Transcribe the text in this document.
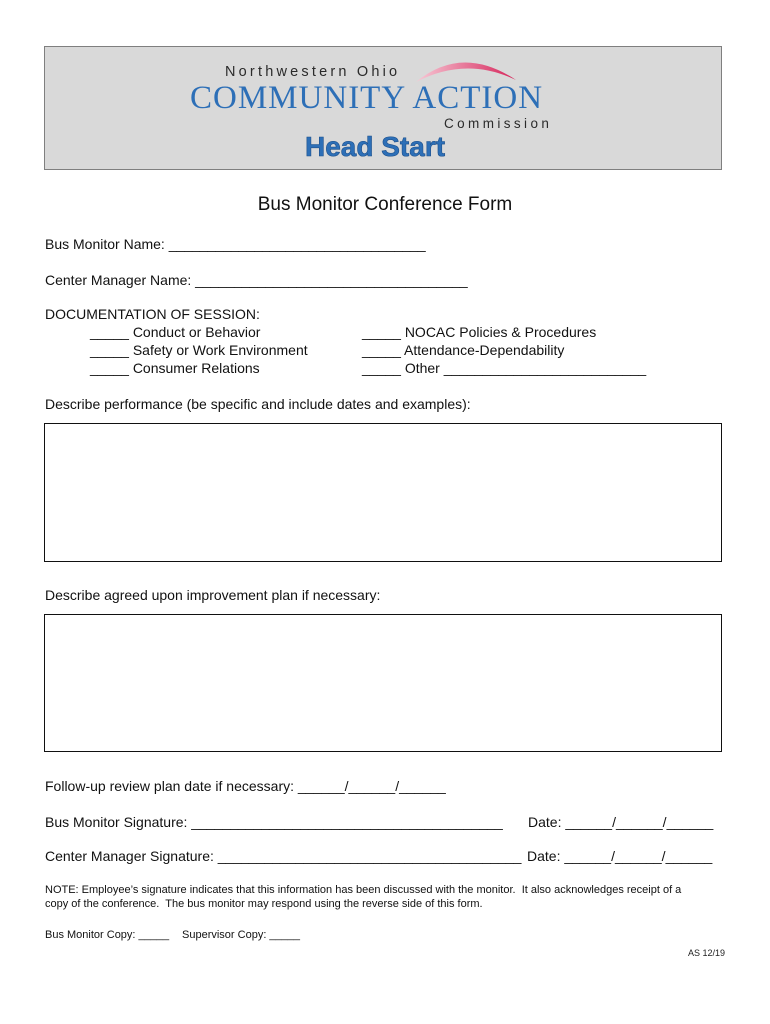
Northwestern Ohio
COMMUNITY ACTION
Commission
Head Start
Bus Monitor Conference Form
Bus Monitor Name: _________________________________
Center Manager Name: ___________________________________
DOCUMENTATION OF SESSION:
_____ Conduct or Behavior
_____ Safety or Work Environment
_____ Consumer Relations
_____ NOCAC Policies & Procedures
_____ Attendance-Dependability
_____ Other __________________________
Describe performance (be specific and include dates and examples):
Describe agreed upon improvement plan if necessary:
Follow-up review plan date if necessary: ______/______/______
Bus Monitor Signature: ________________________________________ Date: ______/______/______
Center Manager Signature: _______________________________________ Date: ______/______/______
NOTE: Employee’s signature indicates that this information has been discussed with the monitor.  It also acknowledges receipt of a
copy of the conference.  The bus monitor may respond using the reverse side of this form.
Bus Monitor Copy: _____ Supervisor Copy: _____
AS 12/19
